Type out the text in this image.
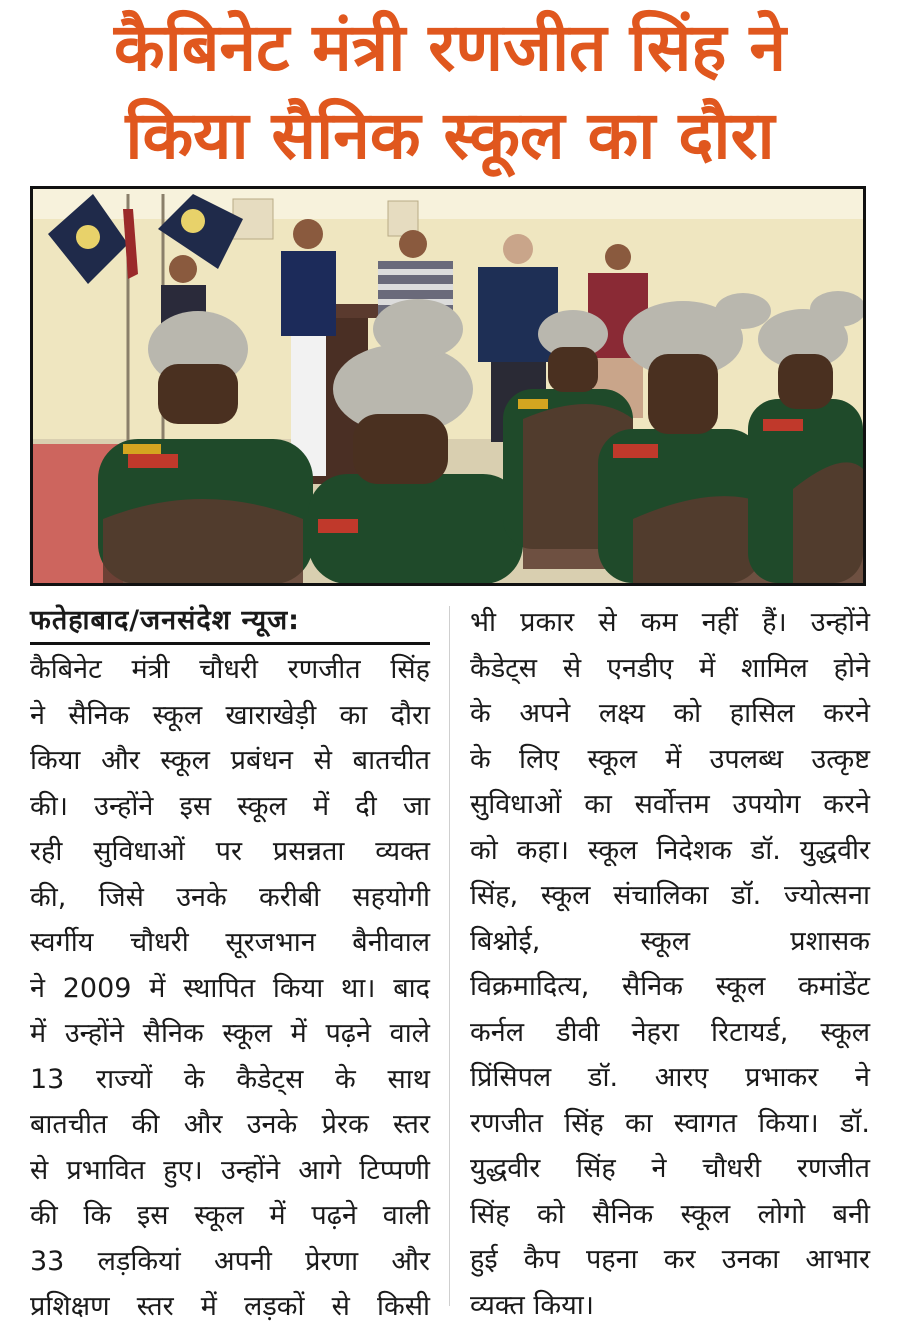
कैबिनेट मंत्री रणजीत सिंह ने
किया सैनिक स्कूल का दौरा
फतेहाबाद/जनसंदेश न्यूज:
कैबिनेट मंत्री चौधरी रणजीत सिंह
ने सैनिक स्कूल खाराखेड़ी का दौरा
किया और स्कूल प्रबंधन से बातचीत
की। उन्होंने इस स्कूल में दी जा
रही सुविधाओं पर प्रसन्नता व्यक्त
की, जिसे उनके करीबी सहयोगी
स्वर्गीय चौधरी सूरजभान बैनीवाल
ने 2009 में स्थापित किया था। बाद
में उन्होंने सैनिक स्कूल में पढ़ने वाले
13 राज्यों के कैडेट्स के साथ
बातचीत की और उनके प्रेरक स्तर
से प्रभावित हुए। उन्होंने आगे टिप्पणी
की कि इस स्कूल में पढ़ने वाली
33 लड़कियां अपनी प्रेरणा और
प्रशिक्षण स्तर में लड़कों से किसी
भी प्रकार से कम नहीं हैं। उन्होंने
कैडेट्स से एनडीए में शामिल होने
के अपने लक्ष्य को हासिल करने
के लिए स्कूल में उपलब्ध उत्कृष्ट
सुविधाओं का सर्वोत्तम उपयोग करने
को कहा। स्कूल निदेशक डॉ. युद्धवीर
सिंह, स्कूल संचालिका डॉ. ज्योत्सना
बिश्नोई, स्कूल प्रशासक
विक्रमादित्य, सैनिक स्कूल कमांडेंट
कर्नल डीवी नेहरा रिटायर्ड, स्कूल
प्रिंसिपल डॉ. आरए प्रभाकर ने
रणजीत सिंह का स्वागत किया। डॉ.
युद्धवीर सिंह ने चौधरी रणजीत
सिंह को सैनिक स्कूल लोगो बनी
हुई कैप पहना कर उनका आभार
व्यक्त किया।
